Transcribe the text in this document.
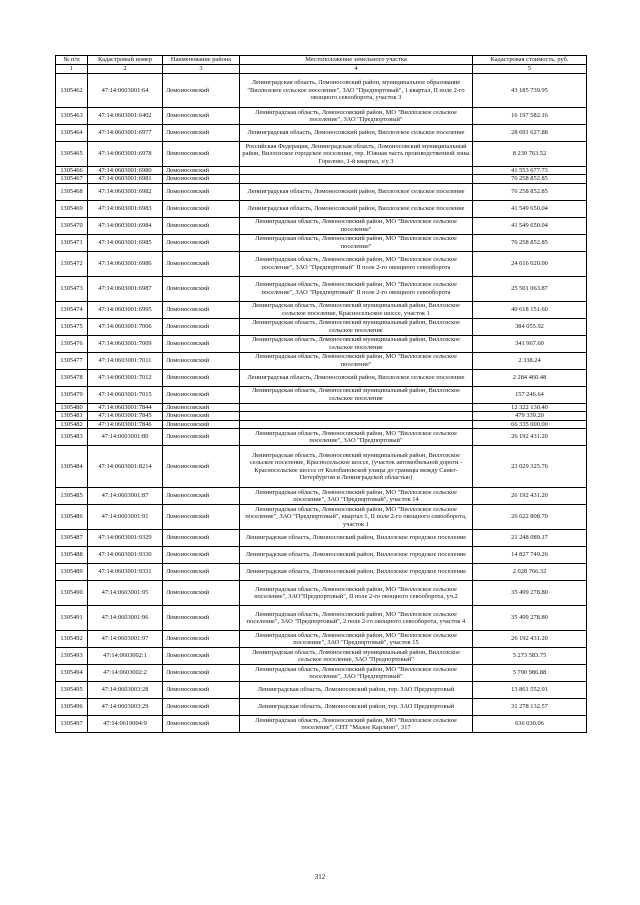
№ п/п	Кадастровый номер	Наименование района	Местоположение земельного участка	Кадастровая стоимость, руб.
1	2	3	4	5
1305462	47:14:0603001:64	Ломоносовский	Ленинградская область, Ломоносовский район, муниципальное образование "Виллозское сельское поселение", ЗАО "Предпортовый", 1 квартал, II поле 2-го овощного севооборота, участок 3	43 185 739.95
1305463	47:14:0603001:6402	Ломоносовский	Ленинградская область, Ломоносовский район, МО "Виллозское сельское поселение", ЗАО "Предпортовый"	16 197 582.16
1305464	47:14:0603001:6977	Ломоносовский	Ленинградская область, Ломоносовский район, Виллозское сельское поселение	28 691 627.88
1305465	47:14:0603001:6978	Ломоносовский	Российская Федерация, Ленинградская область, Ломоносовский муниципальный район, Виллозское городское поселение, тер. Южная часть производственной зоны Горелово, 1-й квартал, з/у 3	8 230 763.52
1305466	47:14:0603001:6980	Ломоносовский		41 553 677.73
1305467	47:14:0603001:6981	Ломоносовский		76 258 852.85
1305468	47:14:0603001:6982	Ломоносовский	Ленинградская область, Ломоносовский район, Виллозское сельское поселение	76 258 852.85
1305469	47:14:0603001:6983	Ломоносовский	Ленинградская область, Ломоносовский район, Виллозское сельское поселение	41 549 650.04
1305470	47:14:0603001:6984	Ломоносовский	Ленинградская область, Ломоносовский район, МО "Виллозское сельское поселение"	41 549 650.04
1305471	47:14:0603001:6985	Ломоносовский	Ленинградская область, Ломоносовский район, МО "Виллозское сельское поселение"	76 258 852.85
1305472	47:14:0603001:6986	Ломоносовский	Ленинградская область, Ломоносовский район, МО "Виллозское сельское поселение", ЗАО "Предпортовый" II поле 2-го овощного севооборота	24 616 020.00
1305473	47:14:0603001:6987	Ломоносовский	Ленинградская область, Ломоносовский район, МО "Виллозское сельское поселение", ЗАО "Предпортовый" II поле 2-го овощного севооборота	25 501 063.87
1305474	47:14:0603001:6995	Ломоносовский	Ленинградская область, Ломоносовский муниципальный район, Виллозское сельское поселение, Красносельское шоссе, участок 1	40 618 151.60
1305475	47:14:0603001:7006	Ломоносовский	Ленинградская область, Ломоносовский муниципальный район, Виллозское сельское поселение	384 055.92
1305476	47:14:0603001:7009	Ломоносовский	Ленинградская область, Ломоносовский муниципальный район, Виллозское сельское поселение	341 967.60
1305477	47:14:0603001:7011	Ломоносовский	Ленинградская область, Ломоносовский район, МО "Виллозское сельское поселение"	2 338.24
1305478	47:14:0603001:7012	Ломоносовский	Ленинградская область, Ломоносовский район, Виллозское сельское поселение	2 284 460.48
1305479	47:14:0603001:7015	Ломоносовский	Ленинградская область, Ломоносовский муниципальный район, Виллозское сельское поселение	157 246.64
1305480	47:14:0603001:7844	Ломоносовский		12 322 130.40
1305481	47:14:0603001:7845	Ломоносовский		479 339.20
1305482	47:14:0603001:7846	Ломоносовский		66 335 000.00
1305483	47:14:0603001:80	Ломоносовский	Ленинградская область, Ломоносовский район, МО "Виллозское сельское поселение", ЗАО "Предпортовый"	26 192 431.20
1305484	47:14:0603001:8214	Ломоносовский	Ленинградская область, Ломоносовский муниципальный район, Виллозское сельское поселение, Красносельское шоссе, (участок автомобильной дороги - Красносельское шоссе от Колобановской улицы до границы между Санкт-Петербургом и Ленинградской областью)	23 029 325.76
1305485	47:14:0603001:87	Ломоносовский	Ленинградская область, Ломоносовский район, МО "Виллозское сельское поселение", ЗАО "Предпортовый", участок 14	26 192 431.20
1305486	47:14:0603001:91	Ломоносовский	Ленинградская область, Ломоносовский район, МО "Виллозское сельское поселение", ЗАО "Предпортовый", квартал 1, II поле 2-го овощного севооборота, участок 1	26 622 808.70
1305487	47:14:0603001:9329	Ломоносовский	Ленинградская область, Ломоносовский район, Виллозское городское поселение	21 248 089.17
1305488	47:14:0603001:9330	Ломоносовский	Ленинградская область, Ломоносовский район, Виллозское городское поселение	14 827 749.26
1305489	47:14:0603001:9331	Ломоносовский	Ленинградская область, Ломоносовский район, Виллозское городское поселение	2 028 766.32
1305490	47:14:0603001:95	Ломоносовский	Ленинградская область, Ломоносовский район, МО "Виллозское сельское поселение", ЗАО"Предпортовый", II поле 2-го овощного севооборота, уч.2	35 499 278.80
1305491	47:14:0603001:96	Ломоносовский	Ленинградская область, Ломоносовский район, МО "Виллозское сельское поселение", ЗАО "Предпортовый", 2 поле 2-го овощного севооборота, участок 4	35 499 278.80
1305492	47:14:0603001:97	Ломоносовский	Ленинградская область, Ломоносовский район, МО "Виллозское сельское поселение", ЗАО "Предпортовый", участок 15	26 192 431.20
1305493	47:14:0603002:1	Ломоносовский	Ленинградская область, Ломоносовский муниципальный район, Виллозское сельское поселение, ЗАО "Предпортовый"	5 273 583.75
1305494	47:14:0603002:2	Ломоносовский	Ленинградская область, Ломоносовский район, МО "Виллозское сельское поселение", ЗАО "Предпортовый"	5 790 986.88
1305495	47:14:0603003:28	Ломоносовский	Ленинградская область, Ломоносовский район, тер. ЗАО Предпортовый	13 861 552.01
1305496	47:14:0603003:29	Ломоносовский	Ленинградская область, Ломоносовский район, тер. ЗАО Предпортовый	31 278 132.57
1305497	47:14:0619004:9	Ломоносовский	Ленинградская область, Ломоносовский район, МО "Виллозское сельское поселение", СНТ "Малое Карлино", 317	636 030.06
312
